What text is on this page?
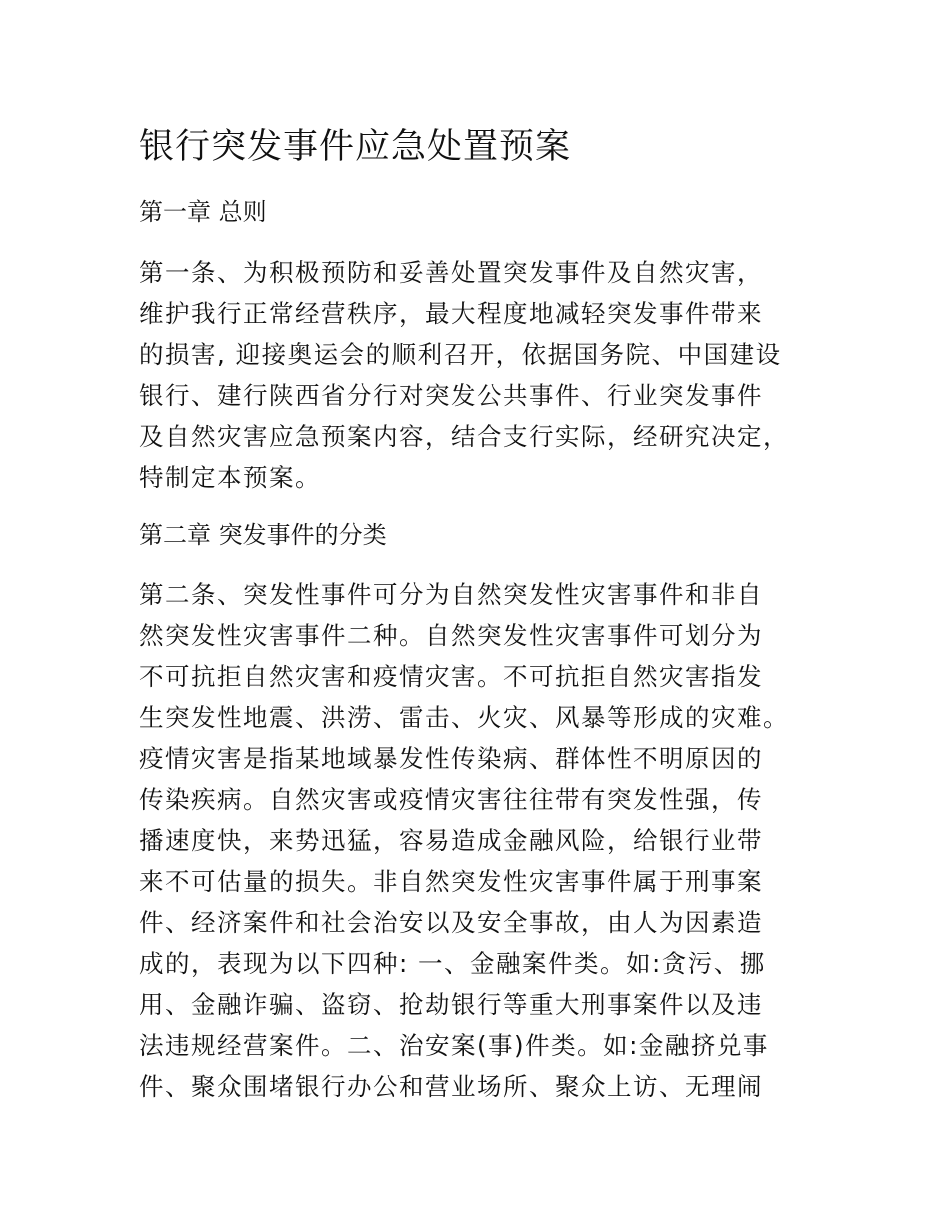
银行突发事件应急处置预案
第一章 总则
第一条、为积极预防和妥善处置突发事件及自然灾害，
维护我行正常经营秩序，最大程度地减轻突发事件带来
的损害, 迎接奥运会的顺利召开，依据国务院、中国建设
银行、建行陕西省分行对突发公共事件、行业突发事件
及自然灾害应急预案内容，结合支行实际，经研究决定，
特制定本预案。
第二章 突发事件的分类
第二条、突发性事件可分为自然突发性灾害事件和非自
然突发性灾害事件二种。自然突发性灾害事件可划分为
不可抗拒自然灾害和疫情灾害。不可抗拒自然灾害指发
生突发性地震、洪涝、雷击、火灾、风暴等形成的灾难。
疫情灾害是指某地域暴发性传染病、群体性不明原因的
传染疾病。自然灾害或疫情灾害往往带有突发性强，传
播速度快，来势迅猛，容易造成金融风险，给银行业带
来不可估量的损失。非自然突发性灾害事件属于刑事案
件、经济案件和社会治安以及安全事故，由人为因素造
成的，表现为以下四种: 一、金融案件类。如:贪污、挪
用、金融诈骗、盗窃、抢劫银行等重大刑事案件以及违
法违规经营案件。二、治安案(事)件类。如:金融挤兑事
件、聚众围堵银行办公和营业场所、聚众上访、无理闹
